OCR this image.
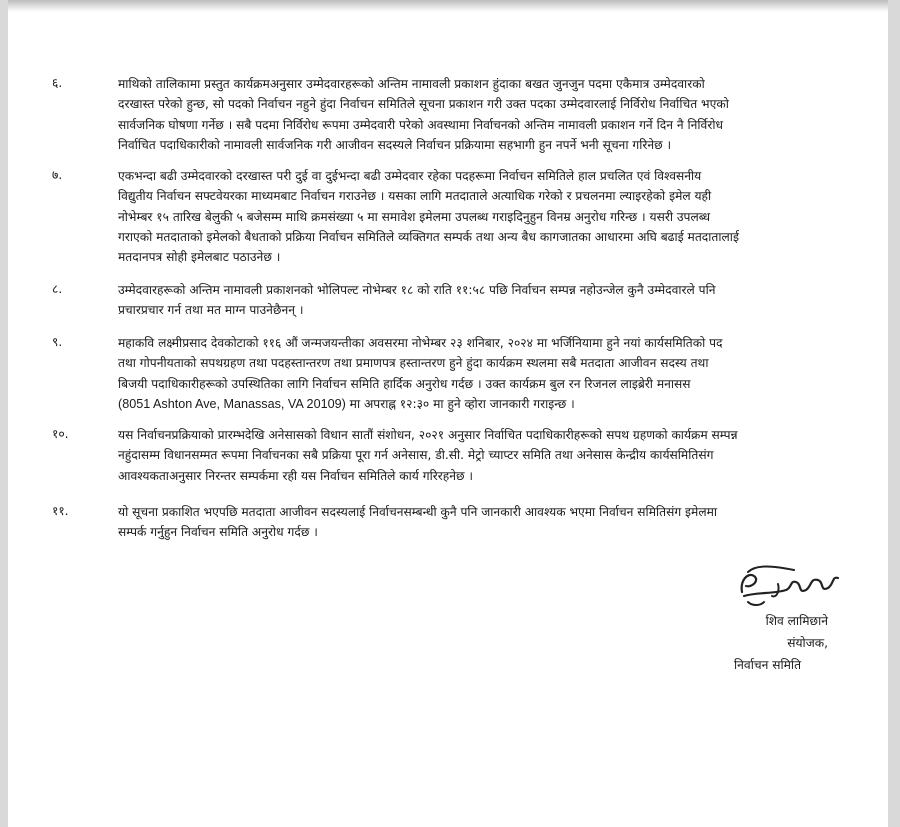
६.	माथिको तालिकामा प्रस्तुत कार्यक्रमअनुसार उम्मेदवारहरूको अन्तिम नामावली प्रकाशन हुंदाका बखत जुनजुन पदमा एकैमात्र उम्मेदवारको
दरखास्त परेको हुन्छ, सो पदको निर्वाचन नहुने हुंदा निर्वाचन समितिले सूचना प्रकाशन गरी उक्त पदका उम्मेदवारलाई निर्विरोध निर्वाचित भएको
सार्वजनिक घोषणा गर्नेछ । सबै पदमा निर्विरोध रूपमा उम्मेदवारी परेको अवस्थामा निर्वाचनको अन्तिम नामावली प्रकाशन गर्ने दिन नै निर्विरोध
निर्वाचित पदाधिकारीको नामावली सार्वजनिक गरी आजीवन सदस्यले निर्वाचन प्रक्रियामा सहभागी हुन नपर्ने भनी सूचना गरिनेछ ।
७.	एकभन्दा बढी उम्मेदवारको दरखास्त परी दुई वा दुईभन्दा बढी उम्मेदवार रहेका पदहरूमा निर्वाचन समितिले हाल प्रचलित एवं विश्वसनीय
विद्युतीय निर्वाचन सफ्टवेयरका माध्यमबाट निर्वाचन गराउनेछ । यसका लागि मतदाताले अत्याधिक गरेको र प्रचलनमा ल्याइरहेको इमेल यही
नोभेम्बर १५ तारिख बेलुकी ५ बजेसम्म माथि क्रमसंख्या ५ मा समावेश इमेलमा उपलब्ध गराइदिनुहुन विनम्र अनुरोध गरिन्छ । यसरी उपलब्ध
गराएको मतदाताको इमेलको बैधताको प्रक्रिया निर्वाचन समितिले व्यक्तिगत सम्पर्क तथा अन्य बैध कागजातका आधारमा अघि बढाई मतदातालाई
मतदानपत्र सोही इमेलबाट पठाउनेछ ।
८.	उम्मेदवारहरूको अन्तिम नामावली प्रकाशनको भोलिपल्ट नोभेम्बर १८ को राति ११:५८ पछि निर्वाचन सम्पन्न नहोउन्जेल कुनै उम्मेदवारले पनि
प्रचारप्रचार गर्न तथा मत माग्न पाउनेछैनन् ।
९.	महाकवि लक्ष्मीप्रसाद देवकोटाको ११६ औं जन्मजयन्तीका अवसरमा नोभेम्बर २३ शनिबार, २०२४ मा भर्जिनियामा हुने नयां कार्यसमितिको पद
तथा गोपनीयताको सपथग्रहण तथा पदहस्तान्तरण तथा प्रमाणपत्र हस्तान्तरण हुने हुंदा कार्यक्रम स्थलमा सबै मतदाता आजीवन सदस्य तथा
बिजयी पदाधिकारीहरूको उपस्थितिका लागि निर्वाचन समिति हार्दिक अनुरोध गर्दछ । उक्त कार्यक्रम बुल रन रिजनल लाइब्रेरी मनासस
(8051 Ashton Ave, Manassas, VA 20109) मा अपराह्न १२:३० मा हुने व्होरा जानकारी गराइन्छ ।
१०.	यस निर्वाचनप्रक्रियाको प्रारम्भदेखि अनेसासको विधान सातौं संशोधन, २०२१ अनुसार निर्वाचित पदाधिकारीहरूको सपथ ग्रहणको कार्यक्रम सम्पन्न
नहुंदासम्म विधानसम्मत रूपमा निर्वाचनका सबै प्रक्रिया पूरा गर्न अनेसास, डी.सी. मेट्रो च्याप्टर समिति तथा अनेसास केन्द्रीय कार्यसमितिसंग
आवश्यकताअनुसार निरन्तर सम्पर्कमा रही यस निर्वाचन समितिले कार्य गरिरहनेछ ।
११.	यो सूचना प्रकाशित भएपछि मतदाता आजीवन सदस्यलाई निर्वाचनसम्बन्धी कुनै पनि जानकारी आवश्यक भएमा निर्वाचन समितिसंग इमेलमा
सम्पर्क गर्नुहुन निर्वाचन समिति अनुरोध गर्दछ ।
शिव लामिछाने
संयोजक,
निर्वाचन समिति
